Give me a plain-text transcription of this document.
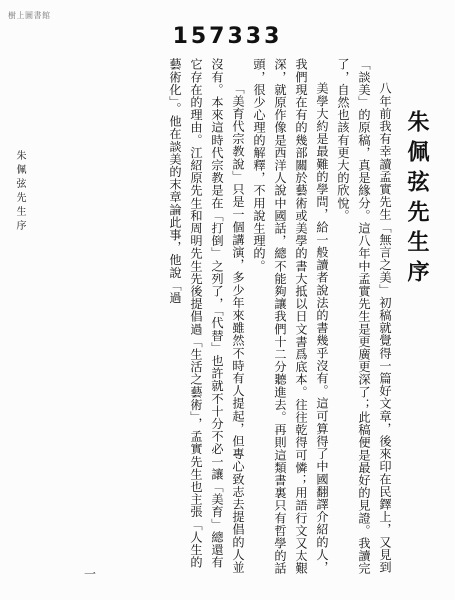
樹上圖書館
157333
朱佩弦先生序

八年前我有幸讀孟實先生「無言之美」初稿就覺得一篇好文章，後來印在民鐸上，又見到「談美」的原稿，真是緣分。這八年中孟實先生是更廣更深了；此稿便是最好的見證。我讀完了，自然也該有更大的欣悅。

美學大約是最難的學問，給一般讀者說法的書幾乎沒有。這可算得了中國翻譯介紹的人，我們現在有的幾部關於藝術或美學的書大抵以日文書爲底本。往往乾得可憐；用語行文又太艱深，就原作像是西洋人說中國話，總不能夠讓我們十二分聽進去。再則這類書裏只有哲學的話頭，很少心理的解釋，不用說生理的。

「美育代宗教說」只是一個講演，多少年來雖然不時有人提起，但專心致志去提倡的人並沒有。本來這時代宗教是在「打倒」之列了，「代替」也許就不十分不必一讓「美育」總還有它存在的理由。江紹原先生和周明先生先後提倡過「生活之藝術」，孟實先生也主張「人生的藝術化」。他在談美的末章論此事，他說「過

朱佩弦先生序
一
